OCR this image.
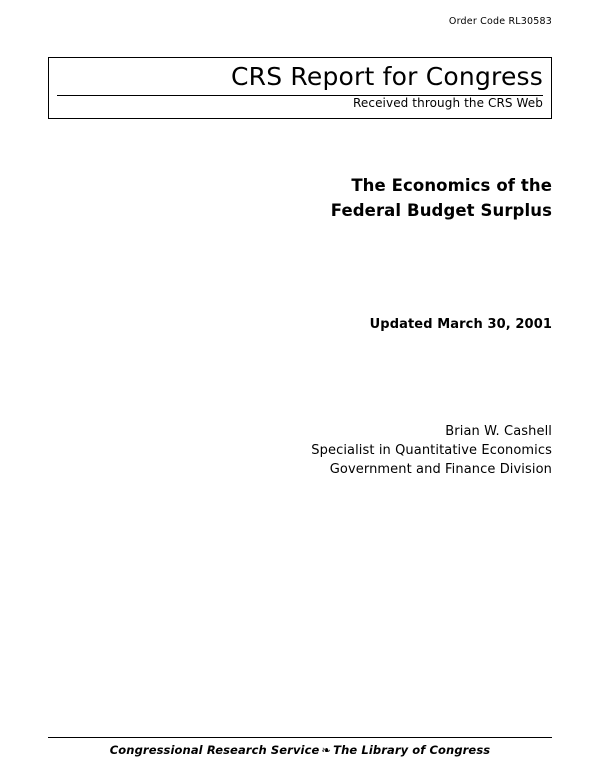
Order Code RL30583
CRS Report for Congress
Received through the CRS Web
The Economics of the
Federal Budget Surplus
Updated March 30, 2001
Brian W. Cashell
Specialist in Quantitative Economics
Government and Finance Division
Congressional Research Service ❧ The Library of Congress
